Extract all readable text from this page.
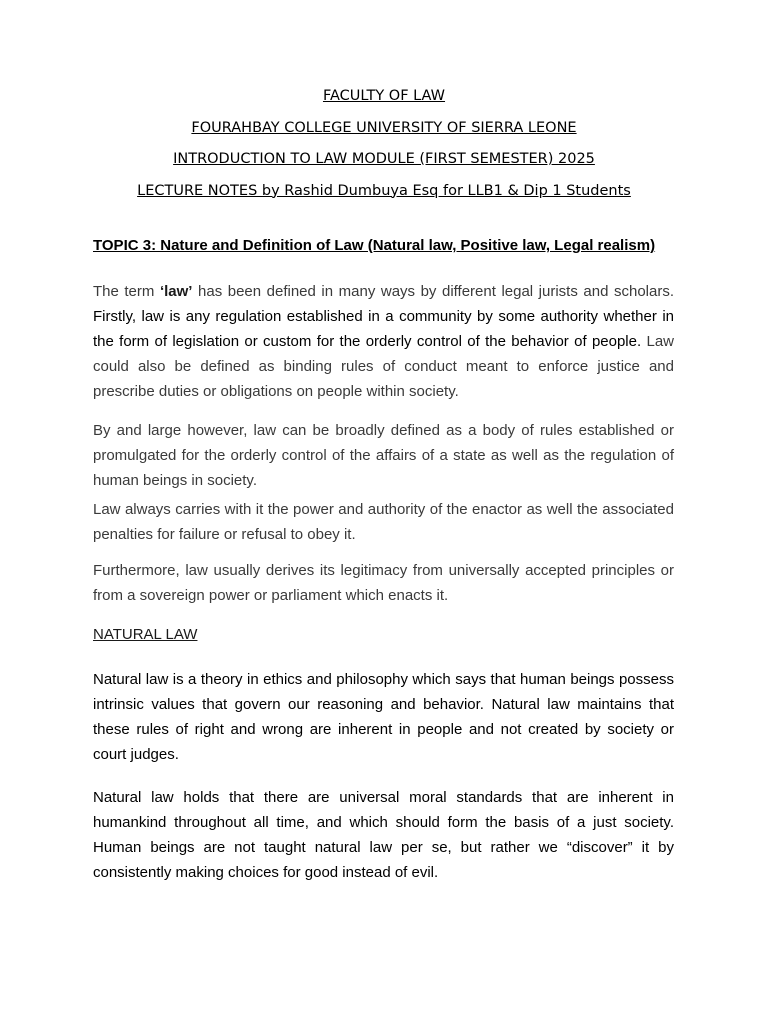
FACULTY OF LAW
FOURAHBAY COLLEGE UNIVERSITY OF SIERRA LEONE
INTRODUCTION TO LAW MODULE (FIRST SEMESTER) 2025
LECTURE NOTES by Rashid Dumbuya Esq for LLB1 & Dip 1 Students
TOPIC 3: Nature and Definition of Law (Natural law, Positive law, Legal realism)

The term ‘law’ has been defined in many ways by different legal jurists and scholars. Firstly, law is any regulation established in a community by some authority whether in the form of legislation or custom for the orderly control of the behavior of people. Law could also be defined as binding rules of conduct meant to enforce justice and prescribe duties or obligations on people within society.

By and large however, law can be broadly defined as a body of rules established or promulgated for the orderly control of the affairs of a state as well as the regulation of human beings in society.

Law always carries with it the power and authority of the enactor as well the associated penalties for failure or refusal to obey it.

Furthermore, law usually derives its legitimacy from universally accepted principles or from a sovereign power or parliament which enacts it.

NATURAL LAW

Natural law is a theory in ethics and philosophy which says that human beings possess intrinsic values that govern our reasoning and behavior. Natural law maintains that these rules of right and wrong are inherent in people and not created by society or court judges.

Natural law holds that there are universal moral standards that are inherent in humankind throughout all time, and which should form the basis of a just society. Human beings are not taught natural law per se, but rather we “discover” it by consistently making choices for good instead of evil.
